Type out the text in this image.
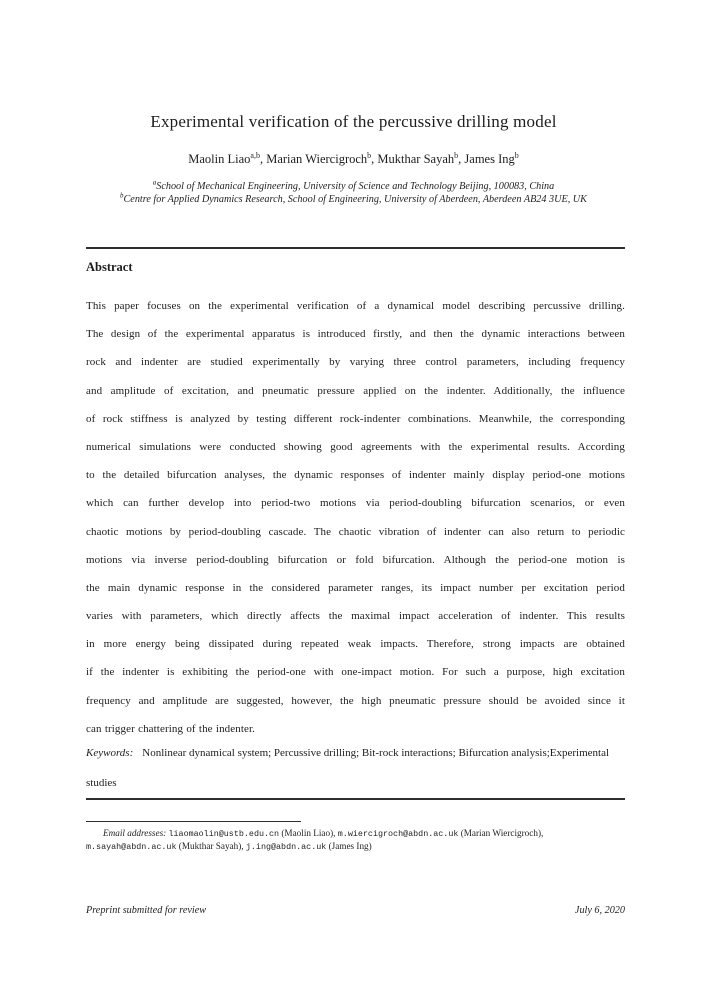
Experimental verification of the percussive drilling model
Maolin Liao$^{a,b}$, Marian Wiercigroch$^b$, Mukthar Sayah$^b$, James Ing$^b$
$^a$School of Mechanical Engineering, University of Science and Technology Beijing, 100083, China
$^b$Centre for Applied Dynamics Research, School of Engineering, University of Aberdeen, Aberdeen AB24 3UE, UK
Abstract
This paper focuses on the experimental verification of a dynamical model describing percussive drilling.
The design of the experimental apparatus is introduced firstly, and then the dynamic interactions between
rock and indenter are studied experimentally by varying three control parameters, including frequency
and amplitude of excitation, and pneumatic pressure applied on the indenter. Additionally, the influence
of rock stiffness is analyzed by testing different rock-indenter combinations. Meanwhile, the corresponding
numerical simulations were conducted showing good agreements with the experimental results. According
to the detailed bifurcation analyses, the dynamic responses of indenter mainly display period-one motions
which can further develop into period-two motions via period-doubling bifurcation scenarios, or even
chaotic motions by period-doubling cascade. The chaotic vibration of indenter can also return to periodic
motions via inverse period-doubling bifurcation or fold bifurcation. Although the period-one motion is
the main dynamic response in the considered parameter ranges, its impact number per excitation period
varies with parameters, which directly affects the maximal impact acceleration of indenter. This results
in more energy being dissipated during repeated weak impacts. Therefore, strong impacts are obtained
if the indenter is exhibiting the period-one with one-impact motion. For such a purpose, high excitation
frequency and amplitude are suggested, however, the high pneumatic pressure should be avoided since it
can trigger chattering of the indenter.
Keywords: Nonlinear dynamical system; Percussive drilling; Bit-rock interactions; Bifurcation analysis;Experimental studies
Email addresses: liaomaolin@ustb.edu.cn (Maolin Liao), m.wiercigroch@abdn.ac.uk (Marian Wiercigroch),
m.sayah@abdn.ac.uk (Mukthar Sayah), j.ing@abdn.ac.uk (James Ing)
Preprint submitted for review	July 6, 2020
